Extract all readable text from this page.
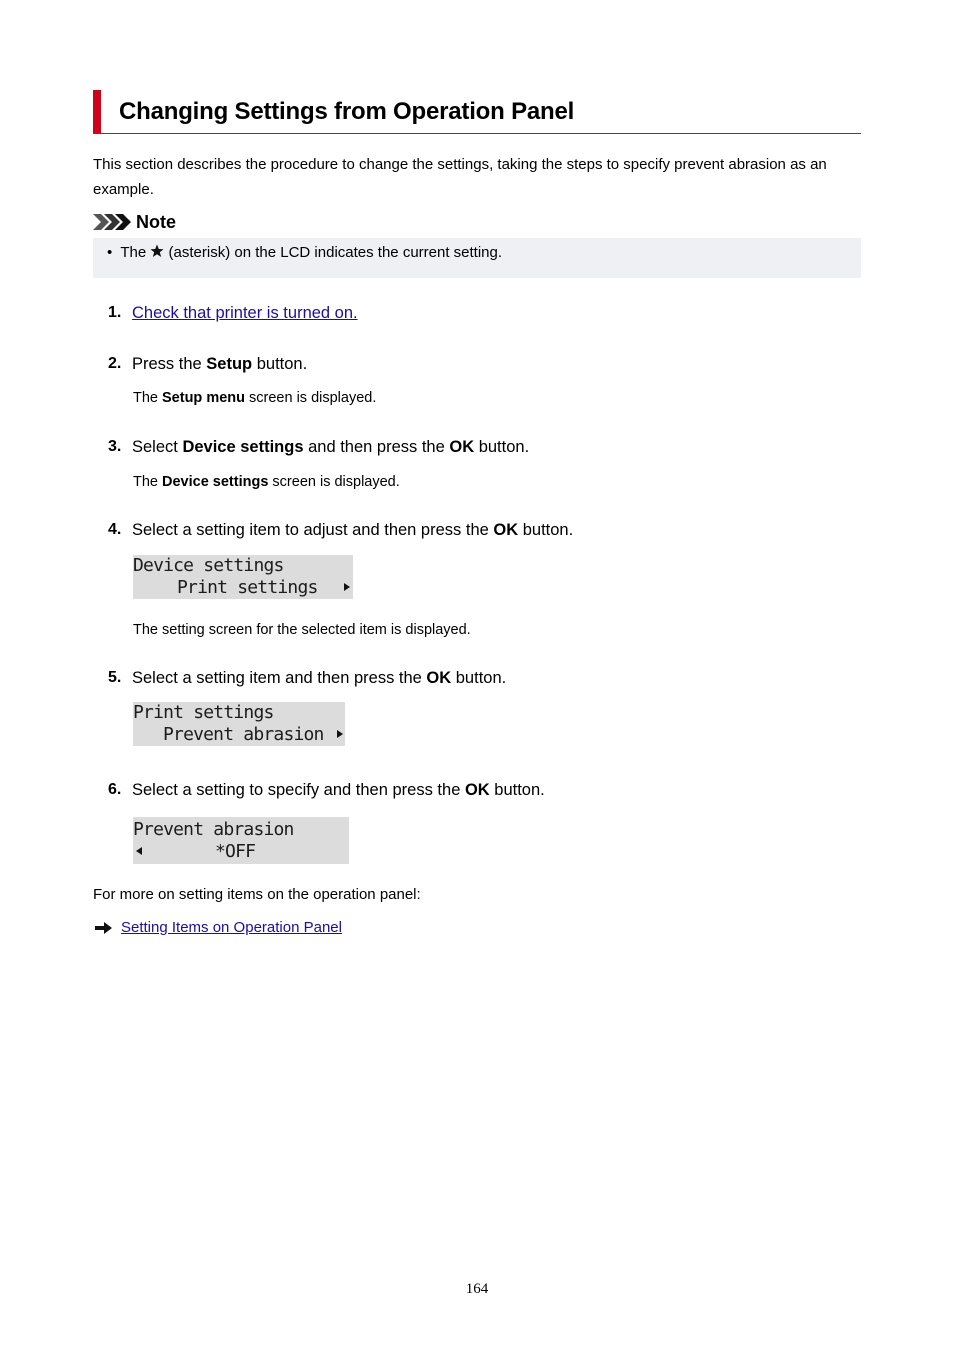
Changing Settings from Operation Panel
This section describes the procedure to change the settings, taking the steps to specify prevent abrasion as an example.
Note
• The (asterisk) on the LCD indicates the current setting.
1. Check that printer is turned on.
2. Press the Setup button.
The Setup menu screen is displayed.
3. Select Device settings and then press the OK button.
The Device settings screen is displayed.
4. Select a setting item to adjust and then press the OK button.

Device settings

Print settings

The setting screen for the selected item is displayed.
5. Select a setting item and then press the OK button.

Print settings

Prevent abrasion

6. Select a setting to specify and then press the OK button.

Prevent abrasion

*OFF

For more on setting items on the operation panel:
Setting Items on Operation Panel
164
